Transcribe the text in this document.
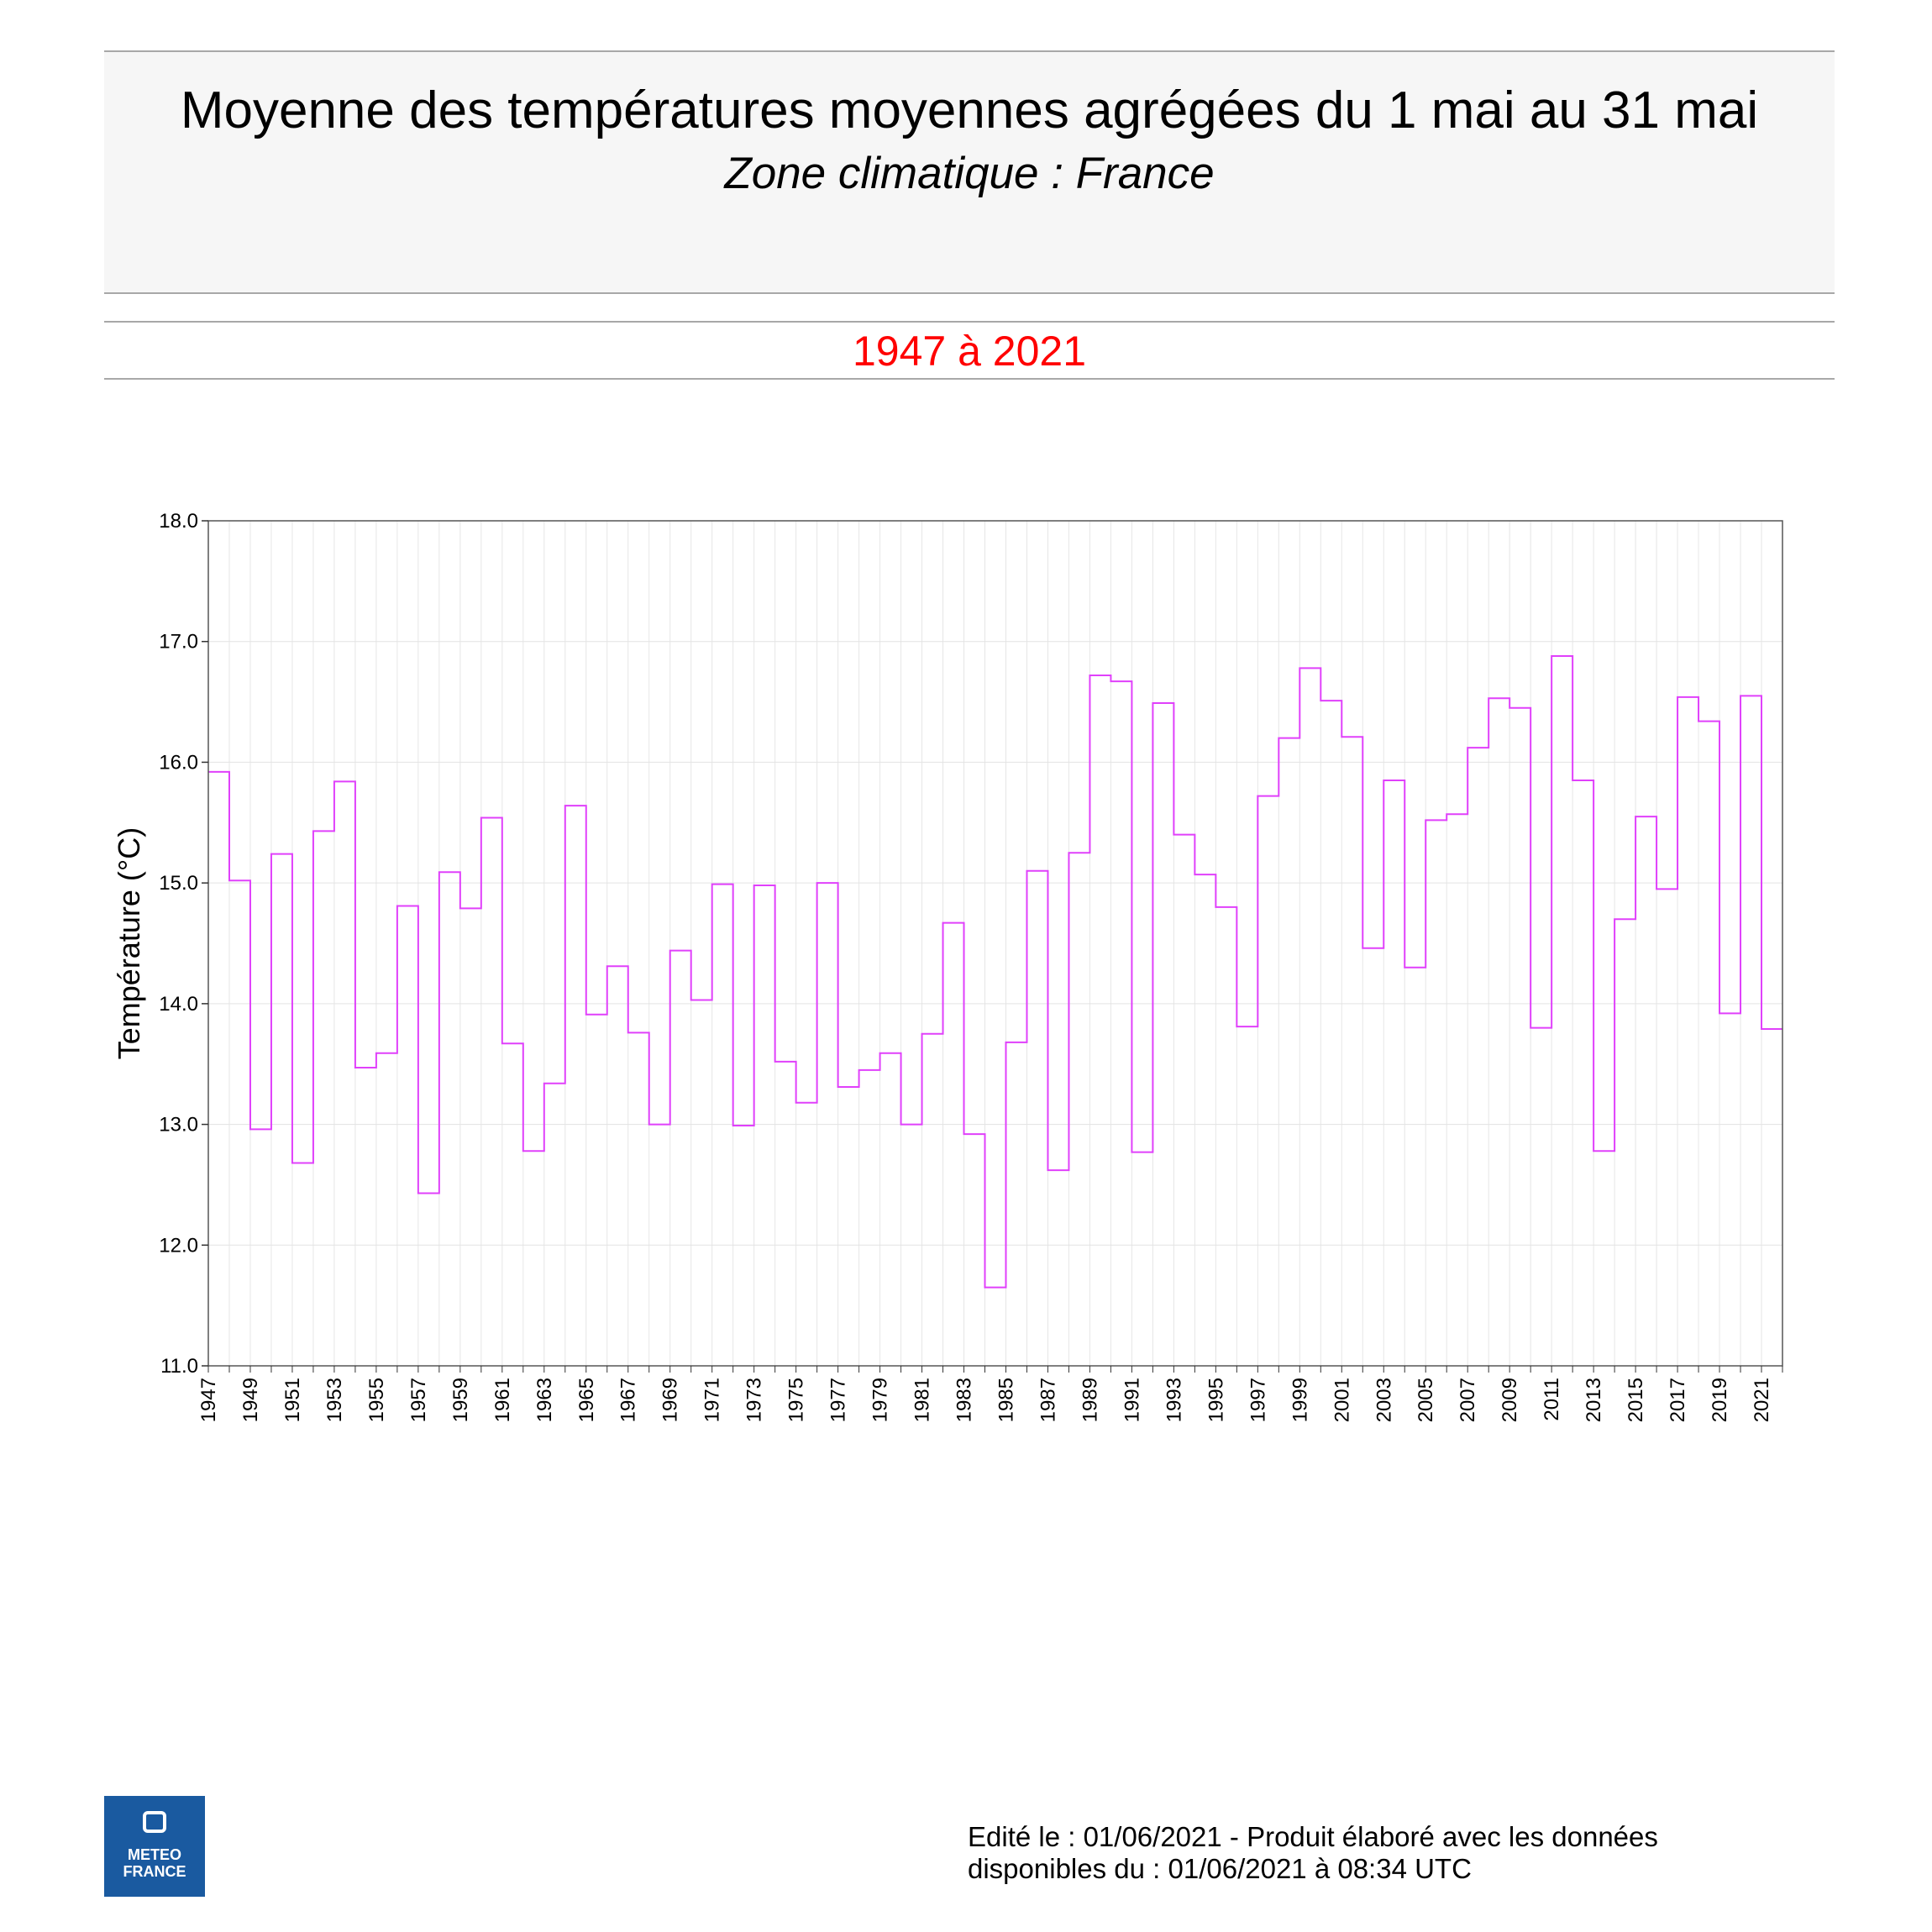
Moyenne des températures moyennes agrégées du 1 mai au 31 mai
Zone climatique : France
1947 à 2021
11.0
12.0
13.0
14.0
15.0
16.0
17.0
18.0
1947 1949 1951 1953 1955 1957 1959 1961 1963 1965 1967 1969 1971 1973 1975 1977 1979 1981 1983 1985 1987 1989 1991 1993 1995 1997 1999 2001 2003 2005 2007 2009 2011 2013 2015 2017 2019 2021
Température (°C)
METEO
FRANCE
Edité le : 01/06/2021 - Produit élaboré avec les données
disponibles du : 01/06/2021 à 08:34 UTC
